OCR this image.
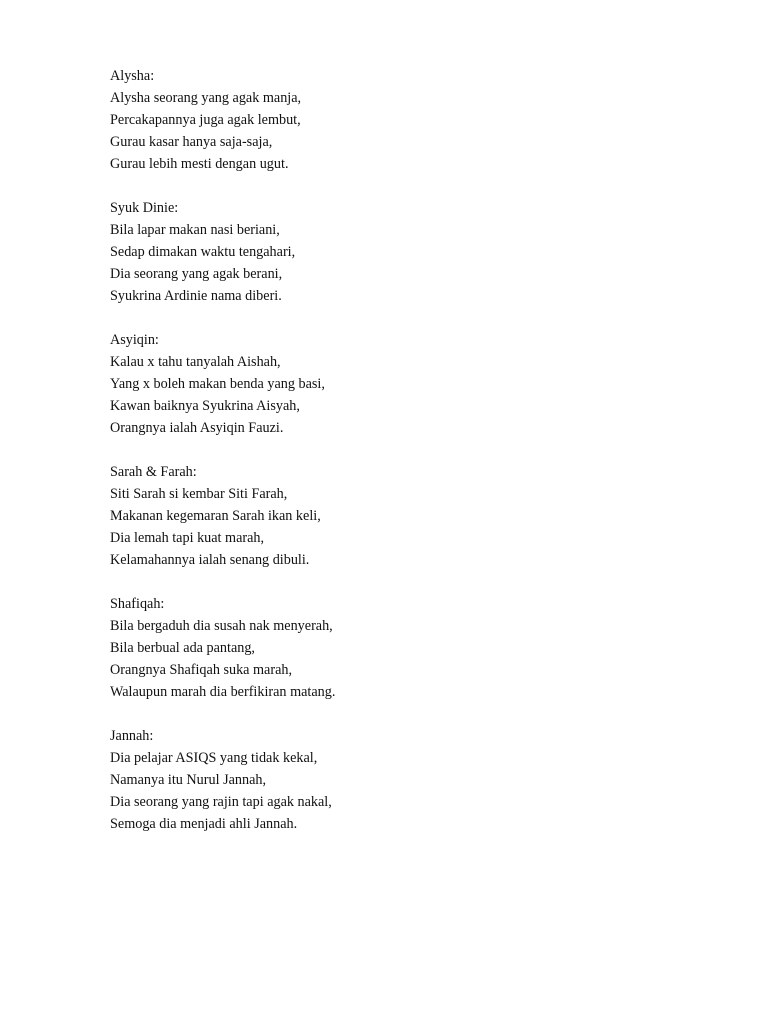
Alysha:
Alysha seorang yang agak manja,
Percakapannya juga agak lembut,
Gurau kasar hanya saja-saja,
Gurau lebih mesti dengan ugut.
Syuk Dinie:
Bila lapar makan nasi beriani,
Sedap dimakan waktu tengahari,
Dia seorang yang agak berani,
Syukrina Ardinie nama diberi.
Asyiqin:
Kalau x tahu tanyalah Aishah,
Yang x boleh makan benda yang basi,
Kawan baiknya Syukrina Aisyah,
Orangnya ialah Asyiqin Fauzi.
Sarah & Farah:
Siti Sarah si kembar Siti Farah,
Makanan kegemaran Sarah ikan keli,
Dia lemah tapi kuat marah,
Kelamahannya ialah senang dibuli.
Shafiqah:
Bila bergaduh dia susah nak menyerah,
Bila berbual ada pantang,
Orangnya Shafiqah suka marah,
Walaupun marah dia berfikiran matang.
Jannah:
Dia pelajar ASIQS yang tidak kekal,
Namanya itu Nurul Jannah,
Dia seorang yang rajin tapi agak nakal,
Semoga dia menjadi ahli Jannah.
